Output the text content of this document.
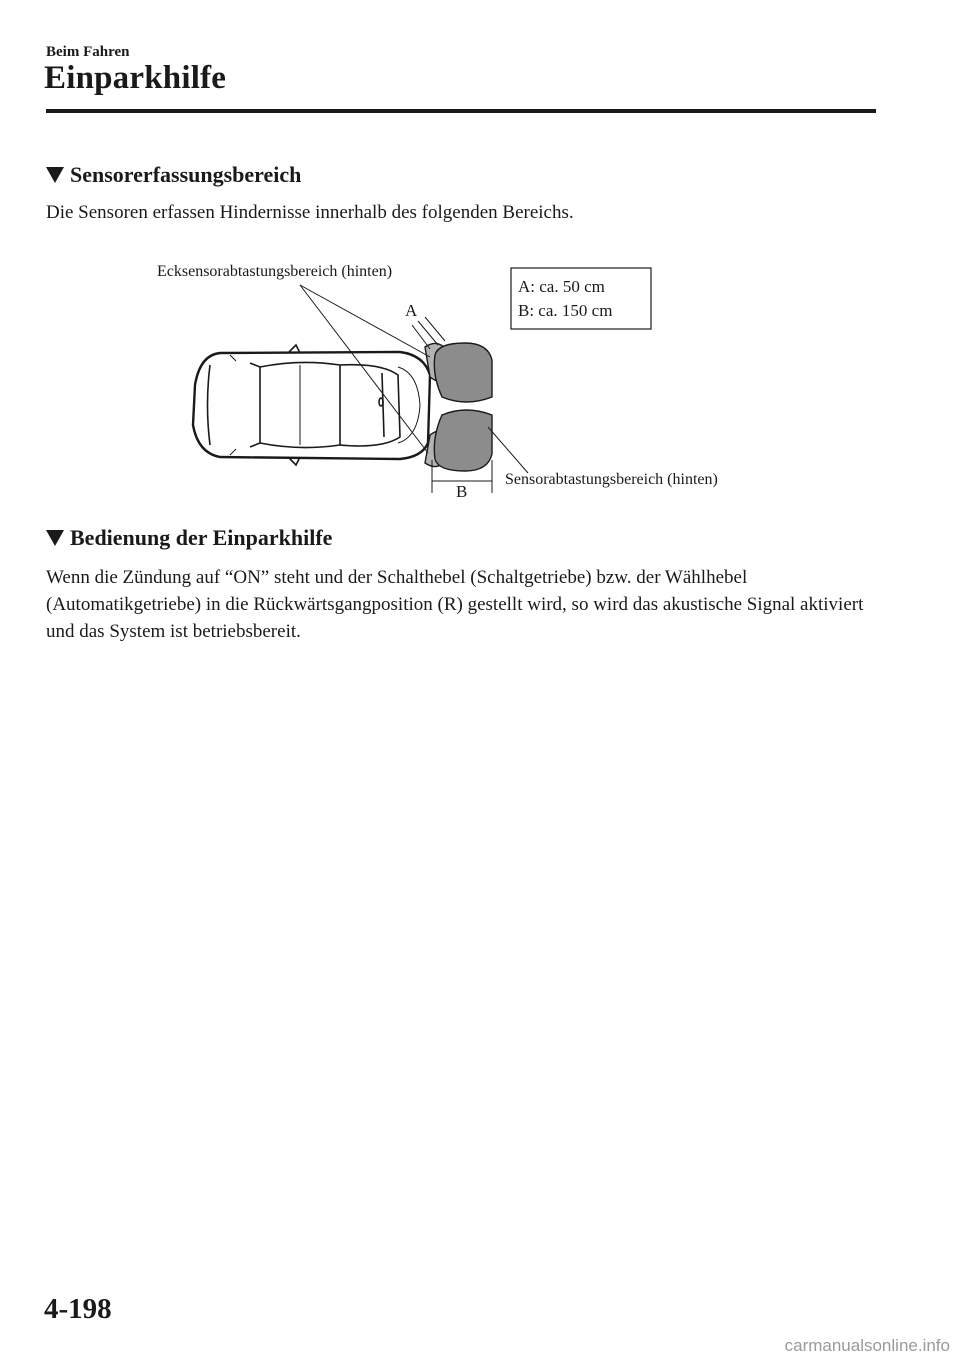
Beim Fahren
Einparkhilfe
Sensorerfassungsbereich
Die Sensoren erfassen Hindernisse innerhalb des folgenden Bereichs.
A: ca. 50 cm
B: ca. 150 cm
Ecksensorabtastungsbereich (hinten)
Sensorabtastungsbereich (hinten)
A
B
Bedienung der Einparkhilfe
Wenn die Zündung auf “ON” steht und der Schalthebel (Schaltgetriebe) bzw. der Wählhebel (Automatikgetriebe) in die Rückwärtsgangposition (R) gestellt wird, so wird das akustische Signal aktiviert und das System ist betriebsbereit.
4-198
carmanualsonline.info
